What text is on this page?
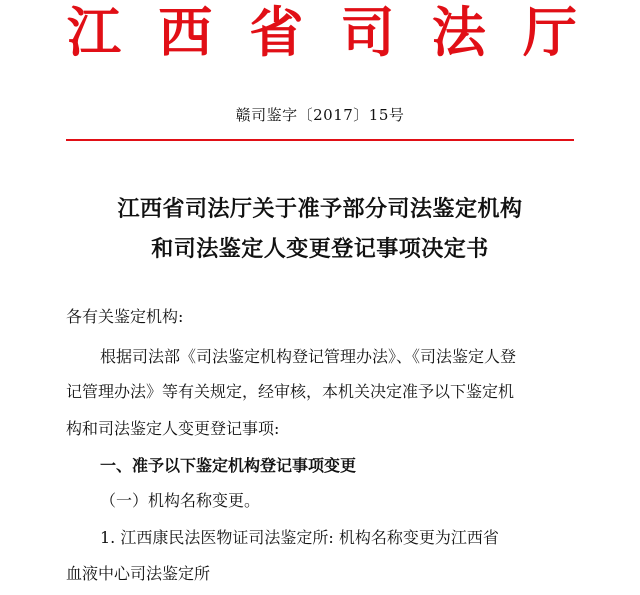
江 西 省 司 法 厅
赣司鉴字〔2017〕15号
江西省司法厅关于准予部分司法鉴定机构
和司法鉴定人变更登记事项决定书
各有关鉴定机构:
根据司法部《司法鉴定机构登记管理办法》、《司法鉴定人登
记管理办法》等有关规定，经审核，本机关决定准予以下鉴定机
构和司法鉴定人变更登记事项:
一、准予以下鉴定机构登记事项变更
（一）机构名称变更。
1. 江西康民法医物证司法鉴定所: 机构名称变更为江西省
血液中心司法鉴定所
